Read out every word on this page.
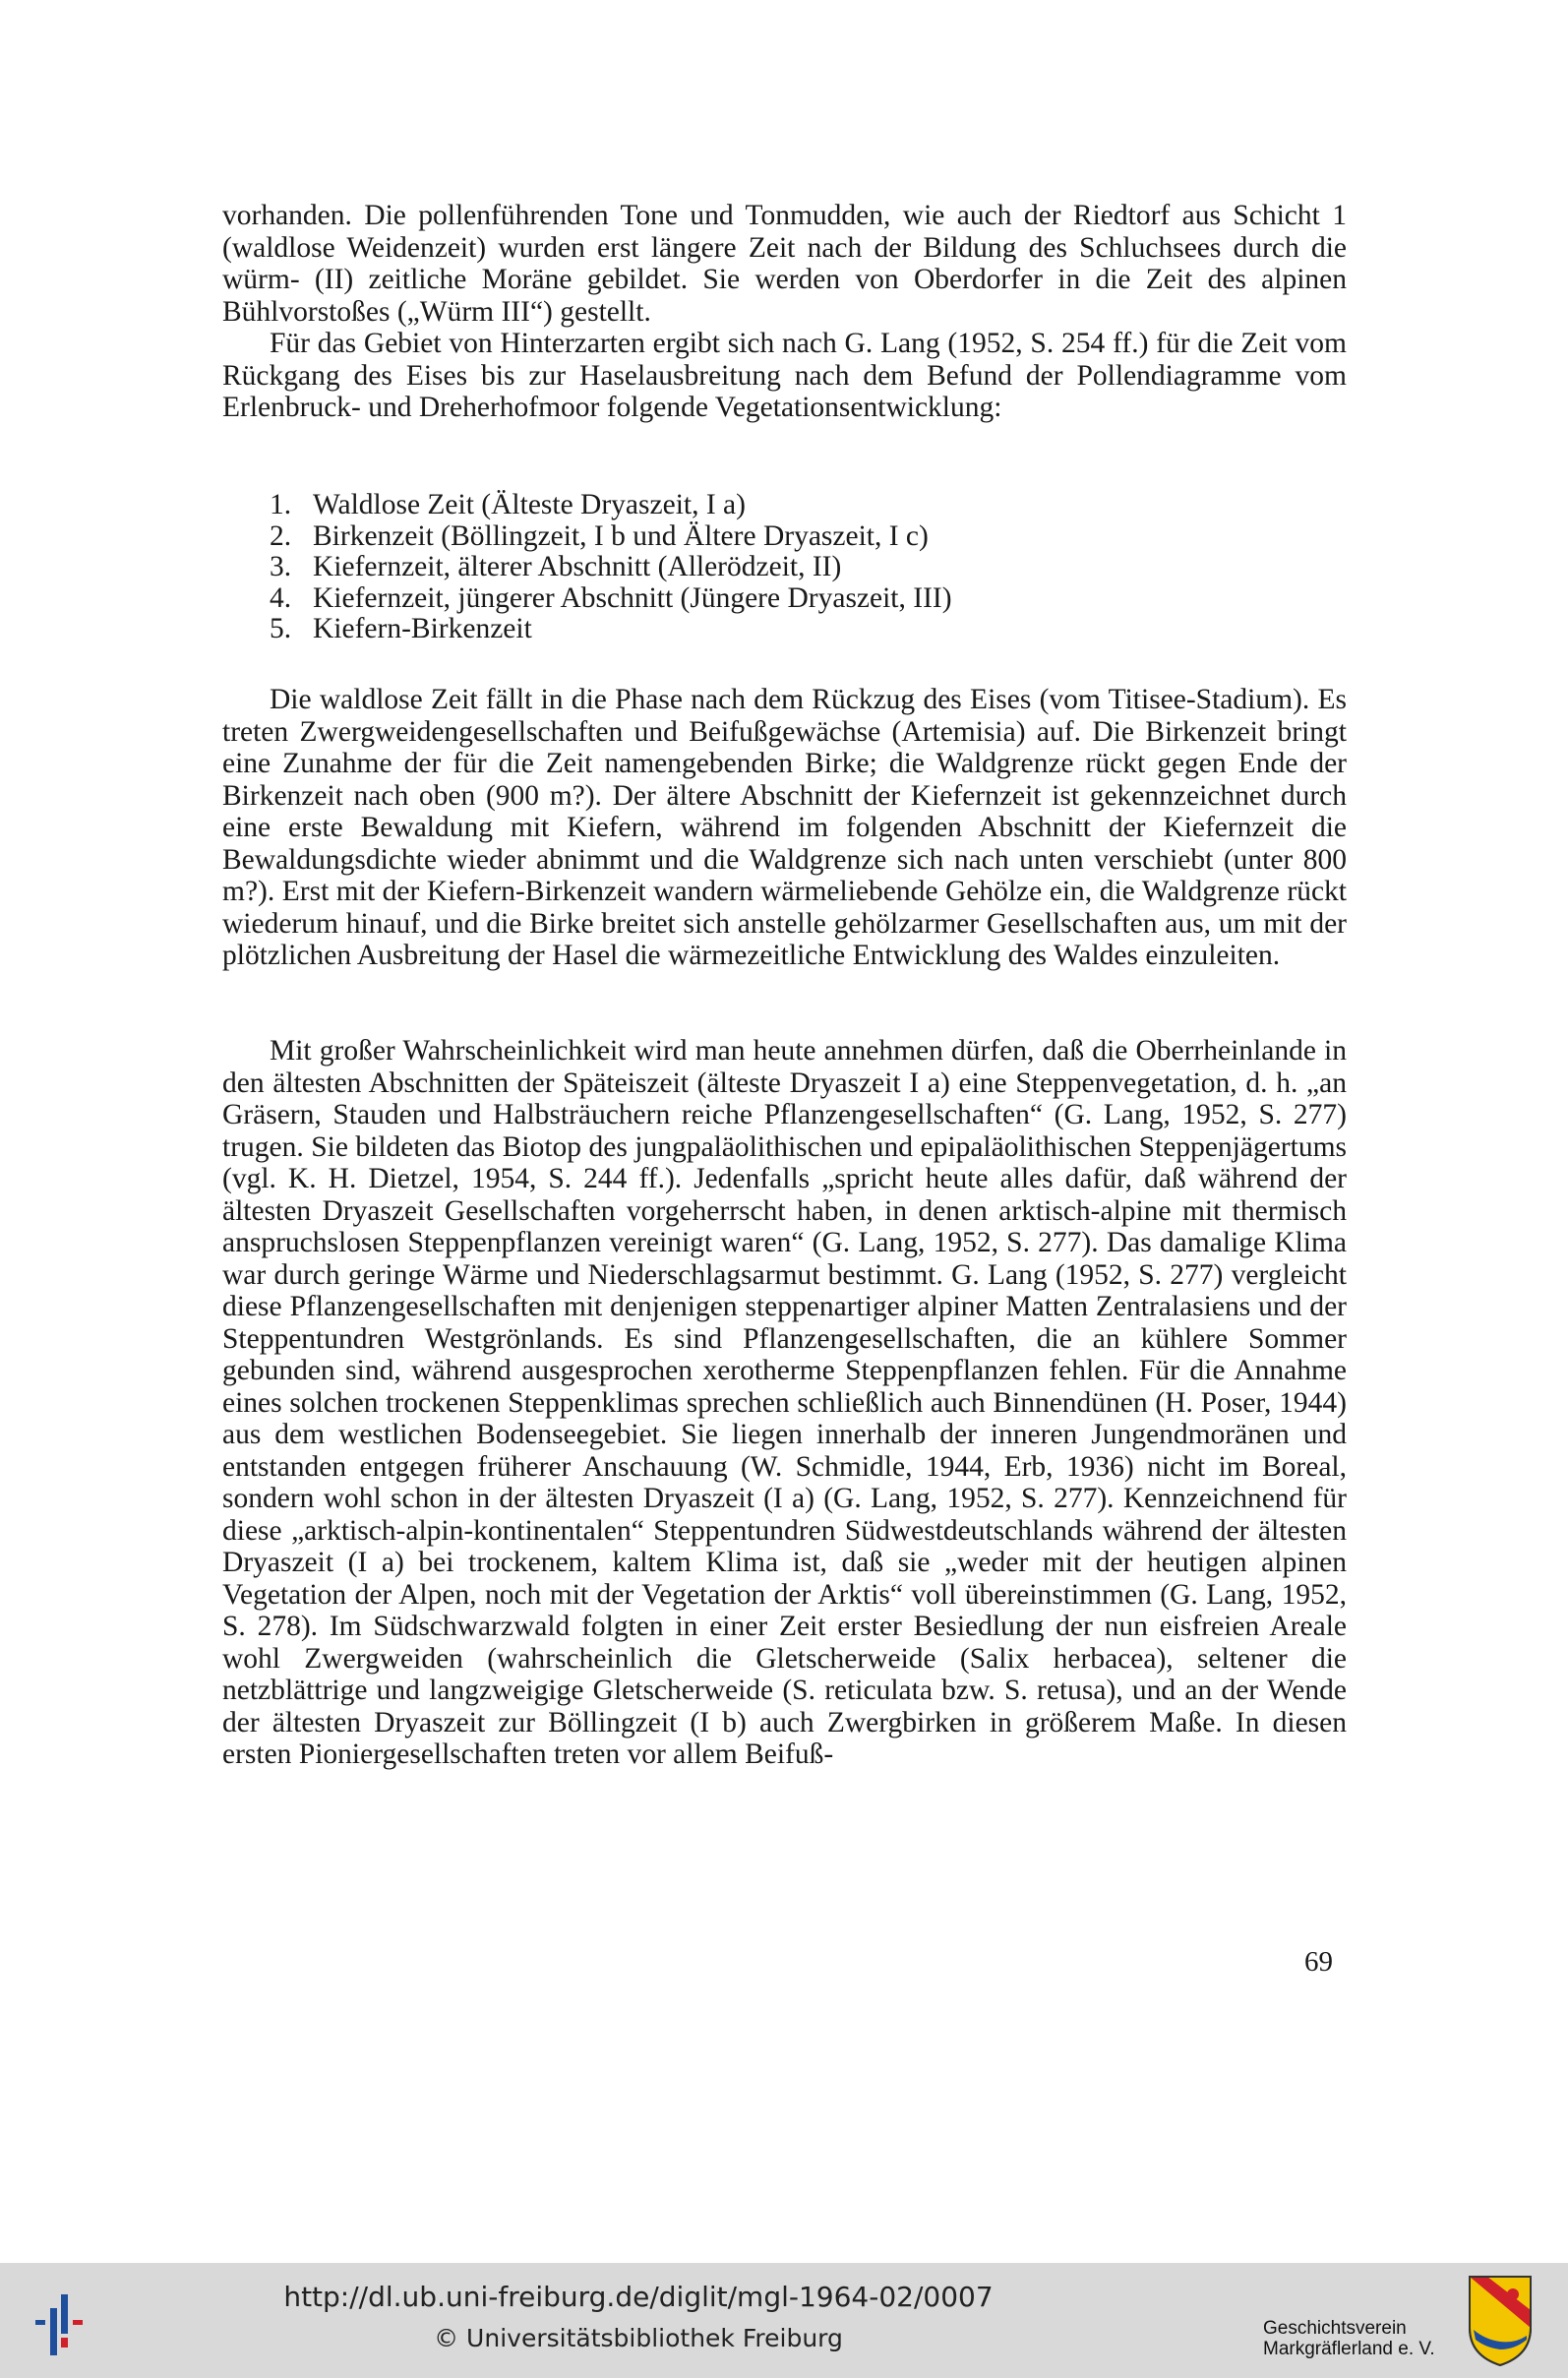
vorhanden. Die pollenführenden Tone und Tonmudden, wie auch der Riedtorf aus Schicht 1 (waldlose Weidenzeit) wurden erst längere Zeit nach der Bildung des Schluchsees durch die würm- (II) zeitliche Moräne gebildet. Sie werden von Oberdorfer in die Zeit des alpinen Bühlvorstoßes („Würm III“) gestellt.

Für das Gebiet von Hinterzarten ergibt sich nach G. Lang (1952, S. 254 ff.) für die Zeit vom Rückgang des Eises bis zur Haselausbreitung nach dem Befund der Pollendiagramme vom Erlenbruck- und Dreherhofmoor folgende Vegetationsentwicklung:

1. Waldlose Zeit (Älteste Dryaszeit, I a)
2. Birkenzeit (Böllingzeit, I b und Ältere Dryaszeit, I c)
3. Kiefernzeit, älterer Abschnitt (Allerödzeit, II)
4. Kiefernzeit, jüngerer Abschnitt (Jüngere Dryaszeit, III)
5. Kiefern-Birkenzeit

Die waldlose Zeit fällt in die Phase nach dem Rückzug des Eises (vom Titisee-Stadium). Es treten Zwergweidengesellschaften und Beifußgewächse (Artemisia) auf. Die Birkenzeit bringt eine Zunahme der für die Zeit namengebenden Birke; die Waldgrenze rückt gegen Ende der Birkenzeit nach oben (900 m?). Der ältere Abschnitt der Kiefernzeit ist gekennzeichnet durch eine erste Bewaldung mit Kiefern, während im folgenden Abschnitt der Kiefernzeit die Bewaldungsdichte wieder abnimmt und die Waldgrenze sich nach unten verschiebt (unter 800 m?). Erst mit der Kiefern-Birkenzeit wandern wärmeliebende Gehölze ein, die Waldgrenze rückt wiederum hinauf, und die Birke breitet sich anstelle gehölzarmer Gesellschaften aus, um mit der plötzlichen Ausbreitung der Hasel die wärmezeitliche Entwicklung des Waldes einzuleiten.

Mit großer Wahrscheinlichkeit wird man heute annehmen dürfen, daß die Oberrheinlande in den ältesten Abschnitten der Späteiszeit (älteste Dryaszeit I a) eine Steppenvegetation, d. h. „an Gräsern, Stauden und Halbsträuchern reiche Pflanzengesellschaften“ (G. Lang, 1952, S. 277) trugen. Sie bildeten das Biotop des jungpaläolithischen und epipaläolithischen Steppenjägertums (vgl. K. H. Dietzel, 1954, S. 244 ff.). Jedenfalls „spricht heute alles dafür, daß während der ältesten Dryaszeit Gesellschaften vorgeherrscht haben, in denen arktisch-alpine mit thermisch anspruchslosen Steppenpflanzen vereinigt waren“ (G. Lang, 1952, S. 277). Das damalige Klima war durch geringe Wärme und Niederschlagsarmut bestimmt. G. Lang (1952, S. 277) vergleicht diese Pflanzengesellschaften mit denjenigen steppenartiger alpiner Matten Zentralasiens und der Steppentundren Westgrönlands. Es sind Pflanzengesellschaften, die an kühlere Sommer gebunden sind, während ausgesprochen xerotherme Steppenpflanzen fehlen. Für die Annahme eines solchen trockenen Steppenklimas sprechen schließlich auch Binnendünen (H. Poser, 1944) aus dem westlichen Bodenseegebiet. Sie liegen innerhalb der inneren Jungendmoränen und entstanden entgegen früherer Anschauung (W. Schmidle, 1944, Erb, 1936) nicht im Boreal, sondern wohl schon in der ältesten Dryaszeit (I a) (G. Lang, 1952, S. 277). Kennzeichnend für diese „arktisch-alpin-kontinentalen“ Steppentundren Südwestdeutschlands während der ältesten Dryaszeit (I a) bei trockenem, kaltem Klima ist, daß sie „weder mit der heutigen alpinen Vegetation der Alpen, noch mit der Vegetation der Arktis“ voll übereinstimmen (G. Lang, 1952, S. 278). Im Südschwarzwald folgten in einer Zeit erster Besiedlung der nun eisfreien Areale wohl Zwergweiden (wahrscheinlich die Gletscherweide (Salix herbacea), seltener die netzblättrige und langzweigige Gletscherweide (S. reticulata bzw. S. retusa), und an der Wende der ältesten Dryaszeit zur Böllingzeit (I b) auch Zwergbirken in größerem Maße. In diesen ersten Pioniergesellschaften treten vor allem Beifuß-

69
http://dl.ub.uni-freiburg.de/diglit/mgl-1964-02/0007
© Universitätsbibliothek Freiburg	Geschichtsverein
Markgräflerland e. V.
